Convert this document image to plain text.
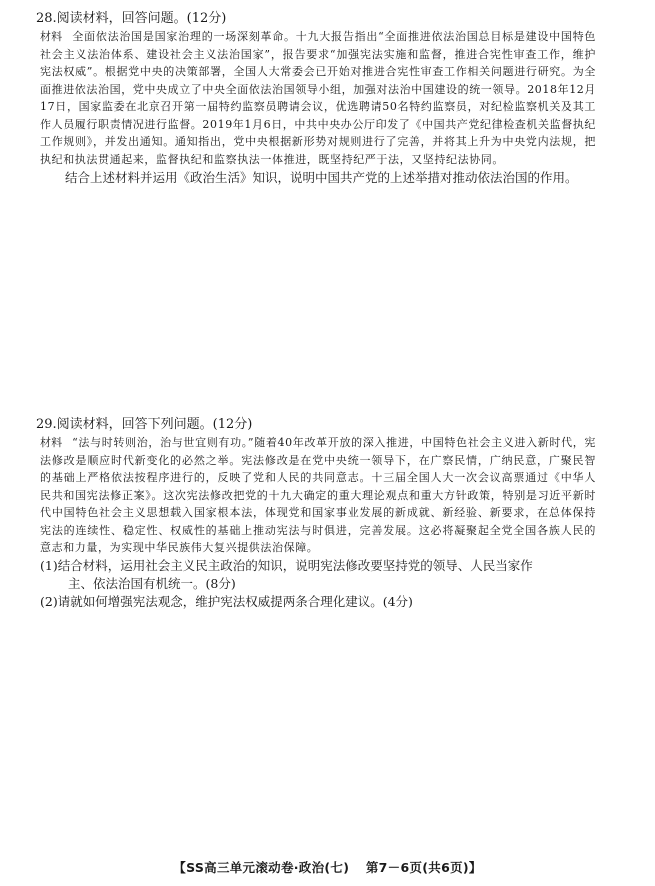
28.阅读材料，回答问题。(12分)
材料 全面依法治国是国家治理的一场深刻革命。十九大报告指出“全面推进依法治国总目标是建设中国特色社会主义法治体系、建设社会主义法治国家”，报告要求“加强宪法实施和监督，推进合宪性审查工作，维护宪法权威”。根据党中央的决策部署，全国人大常委会已开始对推进合宪性审查工作相关问题进行研究。为全面推进依法治国，党中央成立了中央全面依法治国领导小组，加强对法治中国建设的统一领导。2018年12月17日，国家监委在北京召开第一届特约监察员聘请会议，优选聘请50名特约监察员，对纪检监察机关及其工作人员履行职责情况进行监督。2019年1月6日，中共中央办公厅印发了《中国共产党纪律检查机关监督执纪工作规则》，并发出通知。通知指出，党中央根据新形势对规则进行了完善，并将其上升为中央党内法规，把执纪和执法贯通起来，监督执纪和监察执法一体推进，既坚持纪严于法，又坚持纪法协同。
结合上述材料并运用《政治生活》知识，说明中国共产党的上述举措对推动依法治国的作用。
29.阅读材料，回答下列问题。(12分)
材料 “法与时转则治，治与世宜则有功。”随着40年改革开放的深入推进，中国特色社会主义进入新时代，宪法修改是顺应时代新变化的必然之举。宪法修改是在党中央统一领导下，在广察民情，广纳民意，广聚民智的基础上严格依法按程序进行的，反映了党和人民的共同意志。十三届全国人大一次会议高票通过《中华人民共和国宪法修正案》。这次宪法修改把党的十九大确定的重大理论观点和重大方针政策，特别是习近平新时代中国特色社会主义思想载入国家根本法，体现党和国家事业发展的新成就、新经验、新要求，在总体保持宪法的连续性、稳定性、权威性的基础上推动宪法与时俱进，完善发展。这必将凝聚起全党全国各族人民的意志和力量，为实现中华民族伟大复兴提供法治保障。
(1)结合材料，运用社会主义民主政治的知识，说明宪法修改要坚持党的领导、人民当家作
主、依法治国有机统一。(8分)
(2)请就如何增强宪法观念，维护宪法权威提两条合理化建议。(4分)
【SS高三单元滚动卷·政治(七) 第7－6页(共6页)】
